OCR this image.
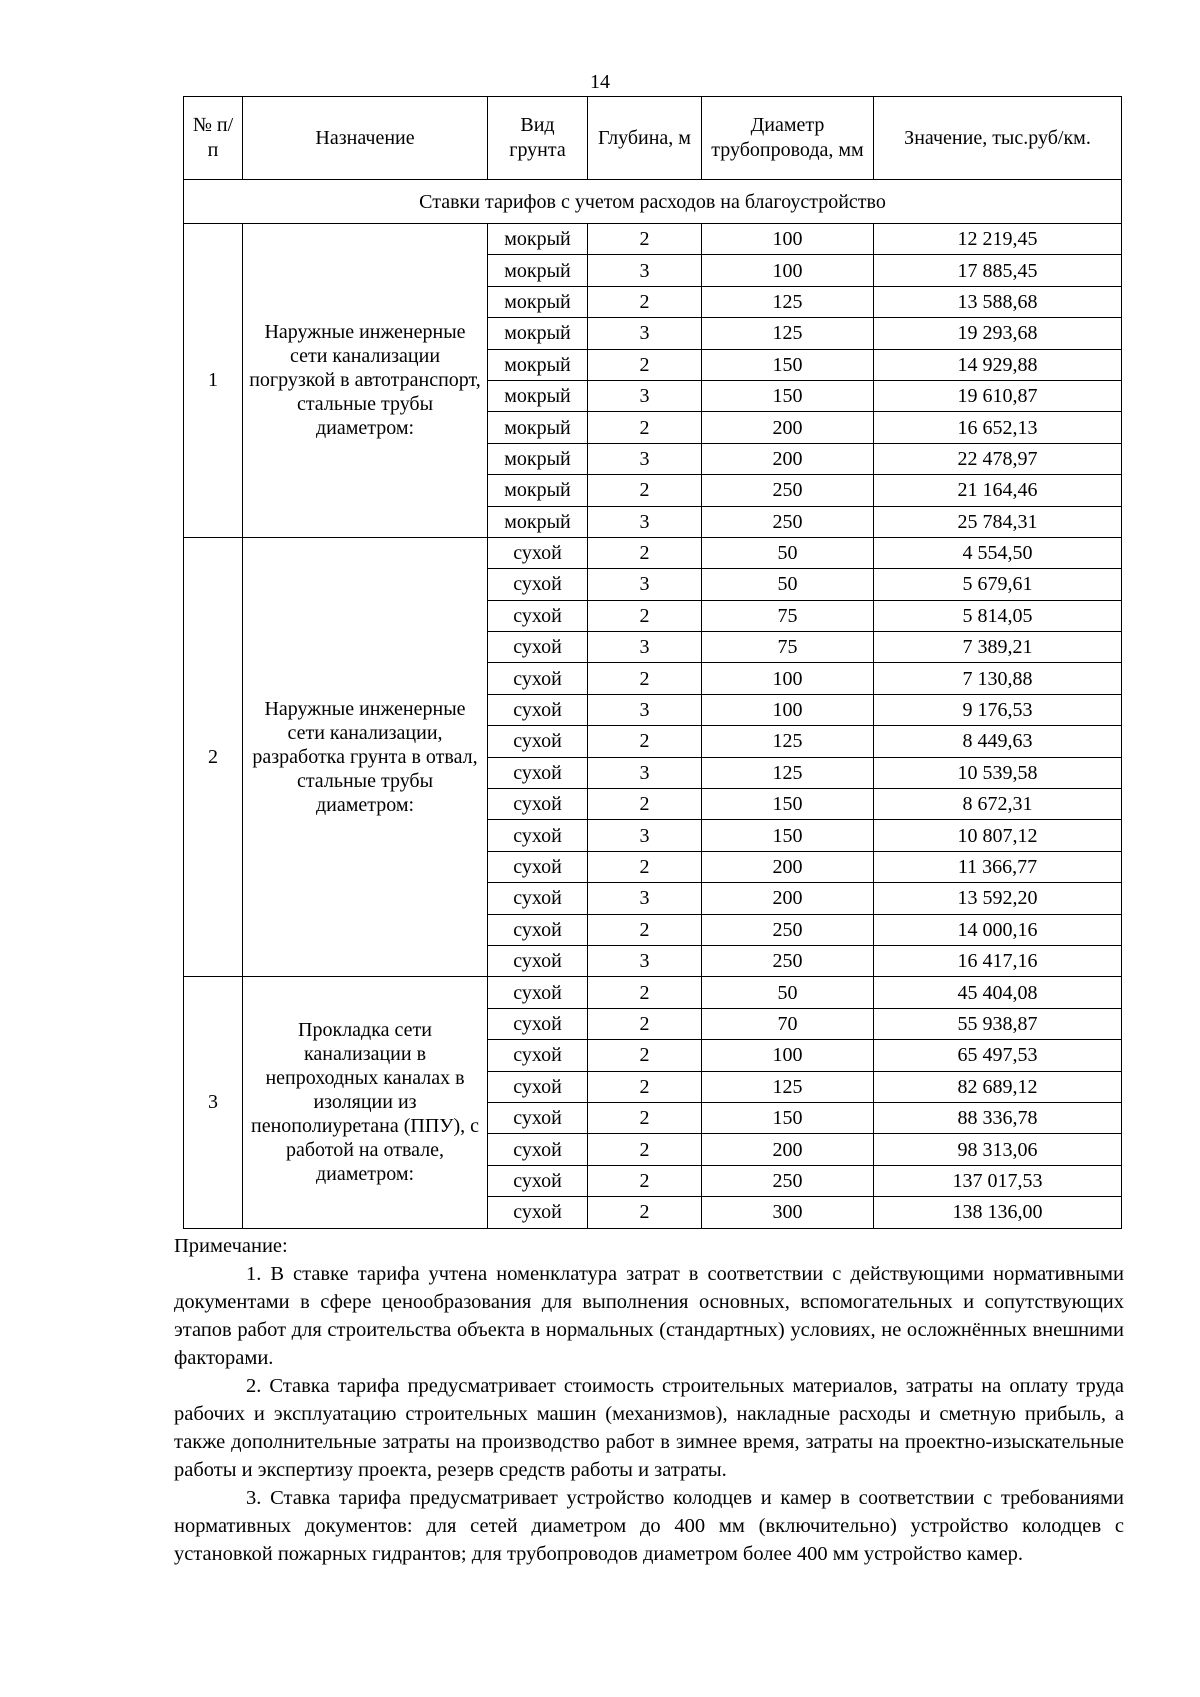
14
№ п/п	Назначение	Вид грунта	Глубина, м	Диаметр трубопровода, мм	Значение, тыс.руб/км.
Ставки тарифов с учетом расходов на благоустройство					
1	Наружные инженерные сети канализации погрузкой в автотранспорт, стальные трубы диаметром:	мокрый	2	100	12 219,45
		мокрый	3	100	17 885,45
		мокрый	2	125	13 588,68
		мокрый	3	125	19 293,68
		мокрый	2	150	14 929,88
		мокрый	3	150	19 610,87
		мокрый	2	200	16 652,13
		мокрый	3	200	22 478,97
		мокрый	2	250	21 164,46
		мокрый	3	250	25 784,31
2	Наружные инженерные сети канализации, разработка грунта в отвал, стальные трубы диаметром:	сухой	2	50	4 554,50
		сухой	3	50	5 679,61
		сухой	2	75	5 814,05
		сухой	3	75	7 389,21
		сухой	2	100	7 130,88
		сухой	3	100	9 176,53
		сухой	2	125	8 449,63
		сухой	3	125	10 539,58
		сухой	2	150	8 672,31
		сухой	3	150	10 807,12
		сухой	2	200	11 366,77
		сухой	3	200	13 592,20
		сухой	2	250	14 000,16
		сухой	3	250	16 417,16
3	Прокладка сети канализации в непроходных каналах в изоляции из пенополиуретана (ППУ), с работой на отвале, диаметром:	сухой	2	50	45 404,08
		сухой	2	70	55 938,87
		сухой	2	100	65 497,53
		сухой	2	125	82 689,12
		сухой	2	150	88 336,78
		сухой	2	200	98 313,06
		сухой	2	250	137 017,53
		сухой	2	300	138 136,00

Примечание:

1. В ставке тарифа учтена номенклатура затрат в соответствии с действующими нормативными документами в сфере ценообразования для выполнения основных, вспомогательных и сопутствующих этапов работ для строительства объекта в нормальных (стандартных) условиях, не осложнённых внешними факторами.

2. Ставка тарифа предусматривает стоимость строительных материалов, затраты на оплату труда рабочих и эксплуатацию строительных машин (механизмов), накладные расходы и сметную прибыль, а также дополнительные затраты на производство работ в зимнее время, затраты на проектно-изыскательные работы и экспертизу проекта, резерв средств работы и затраты.

3. Ставка тарифа предусматривает устройство колодцев и камер в соответствии с требованиями нормативных документов: для сетей диаметром до 400 мм (включительно) устройство колодцев с установкой пожарных гидрантов; для трубопроводов диаметром более 400 мм устройство камер.
